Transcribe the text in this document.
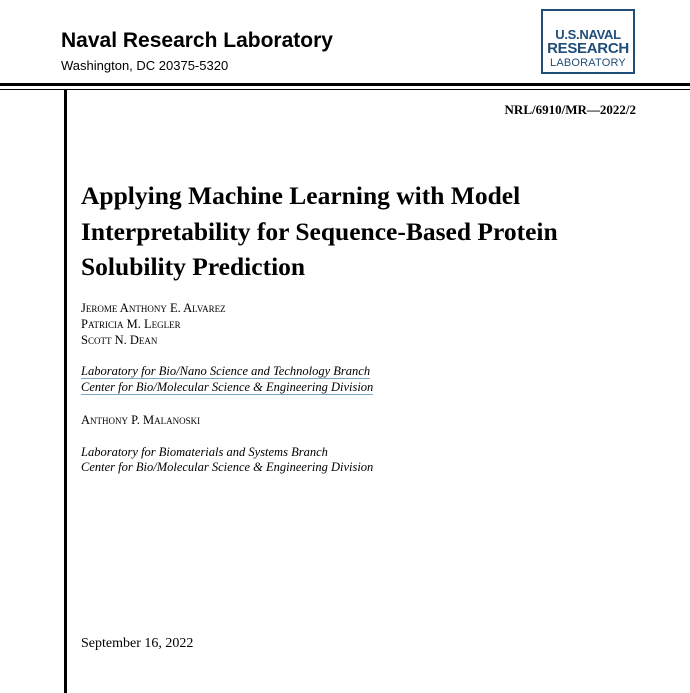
Naval Research Laboratory
Washington, DC 20375-5320
U.S.NAVAL
RESEARCH
LABORATORY
NRL/6910/MR—2022/2
Applying Machine Learning with Model Interpretability for Sequence-Based Protein Solubility Prediction
Jerome Anthony E. Alvarez
Patricia M. Legler
Scott N. Dean
Laboratory for Bio/Nano Science and Technology Branch
Center for Bio/Molecular Science & Engineering Division
Anthony P. Malanoski
Laboratory for Biomaterials and Systems Branch
Center for Bio/Molecular Science & Engineering Division
September 16, 2022
